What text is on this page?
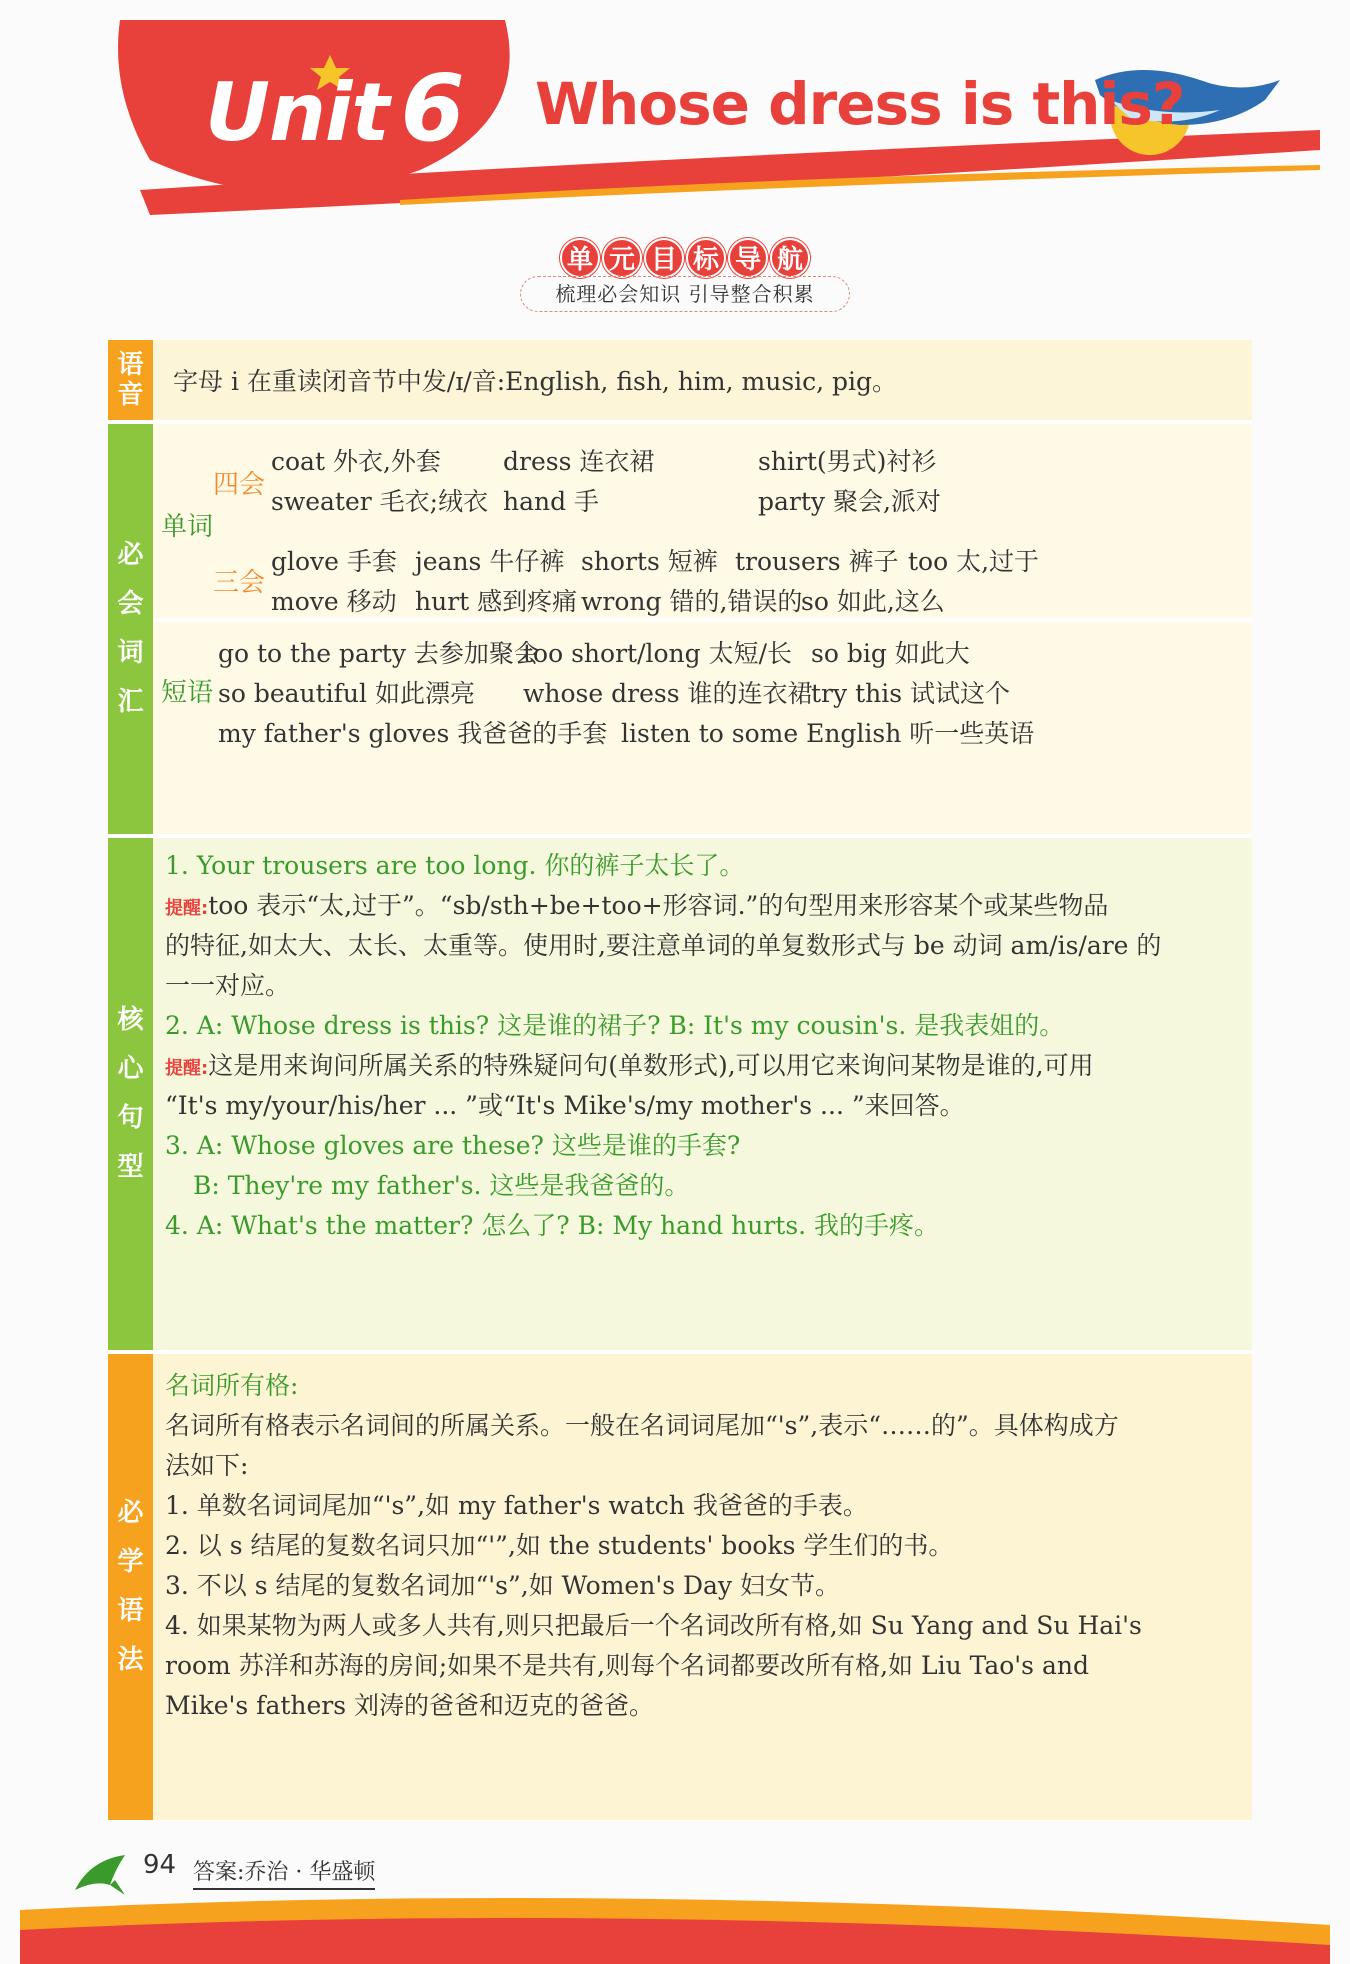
Unit 6 Whose dress is this?
单 元 目 标 导 航
梳理必会知识 引导整合积累
语
音 字母 i 在重读闭音节中发/ɪ/音:English, fish, him, music, pig。
必
会
词
汇
单词
四会
coat 外衣,外套 dress 连衣裙	shirt(男式)衬衫
sweater 毛衣;绒衣 hand 手	party 聚会,派对
三会
glove 手套 jeans 牛仔裤 shorts 短裤 trousers 裤子 too 太,过于
move 移动 hurt 感到疼痛 wrong 错的,错误的
so 如此,这么
短语
go to the party 去参加聚会
too short/long 太短/长 so big 如此大
so beautiful 如此漂亮 whose dress 谁的连衣裙
try this 试试这个
my father's gloves 我爸爸的手套 listen to some English 听一些英语
核
心
句
型
1. Your trousers are too long. 你的裤子太长了。
提醒:too 表示“太,过于”。“sb/sth+be+too+形容词.”的句型用来形容某个或某些物品
的特征,如太大、太长、太重等。使用时,要注意单词的单复数形式与 be 动词 am/is/are 的
一一对应。
2. A: Whose dress is this? 这是谁的裙子? B: It's my cousin's. 是我表姐的。
提醒:这是用来询问所属关系的特殊疑问句(单数形式),可以用它来询问某物是谁的,可用
“It's my/your/his/her ... ”或“It's Mike's/my mother's ... ”来回答。
3. A: Whose gloves are these? 这些是谁的手套?
B: They're my father's. 这些是我爸爸的。
4. A: What's the matter? 怎么了? B: My hand hurts. 我的手疼。
必
学
语
法
名词所有格:
名词所有格表示名词间的所属关系。一般在名词词尾加“'s”,表示“……的”。具体构成方
法如下:
1. 单数名词词尾加“'s”,如 my father's watch 我爸爸的手表。
2. 以 s 结尾的复数名词只加“'”,如 the students' books 学生们的书。
3. 不以 s 结尾的复数名词加“'s”,如 Women's Day 妇女节。
4. 如果某物为两人或多人共有,则只把最后一个名词改所有格,如 Su Yang and Su Hai's
room 苏洋和苏海的房间;如果不是共有,则每个名词都要改所有格,如 Liu Tao's and
Mike's fathers 刘涛的爸爸和迈克的爸爸。
94 答案:乔治 · 华盛顿
